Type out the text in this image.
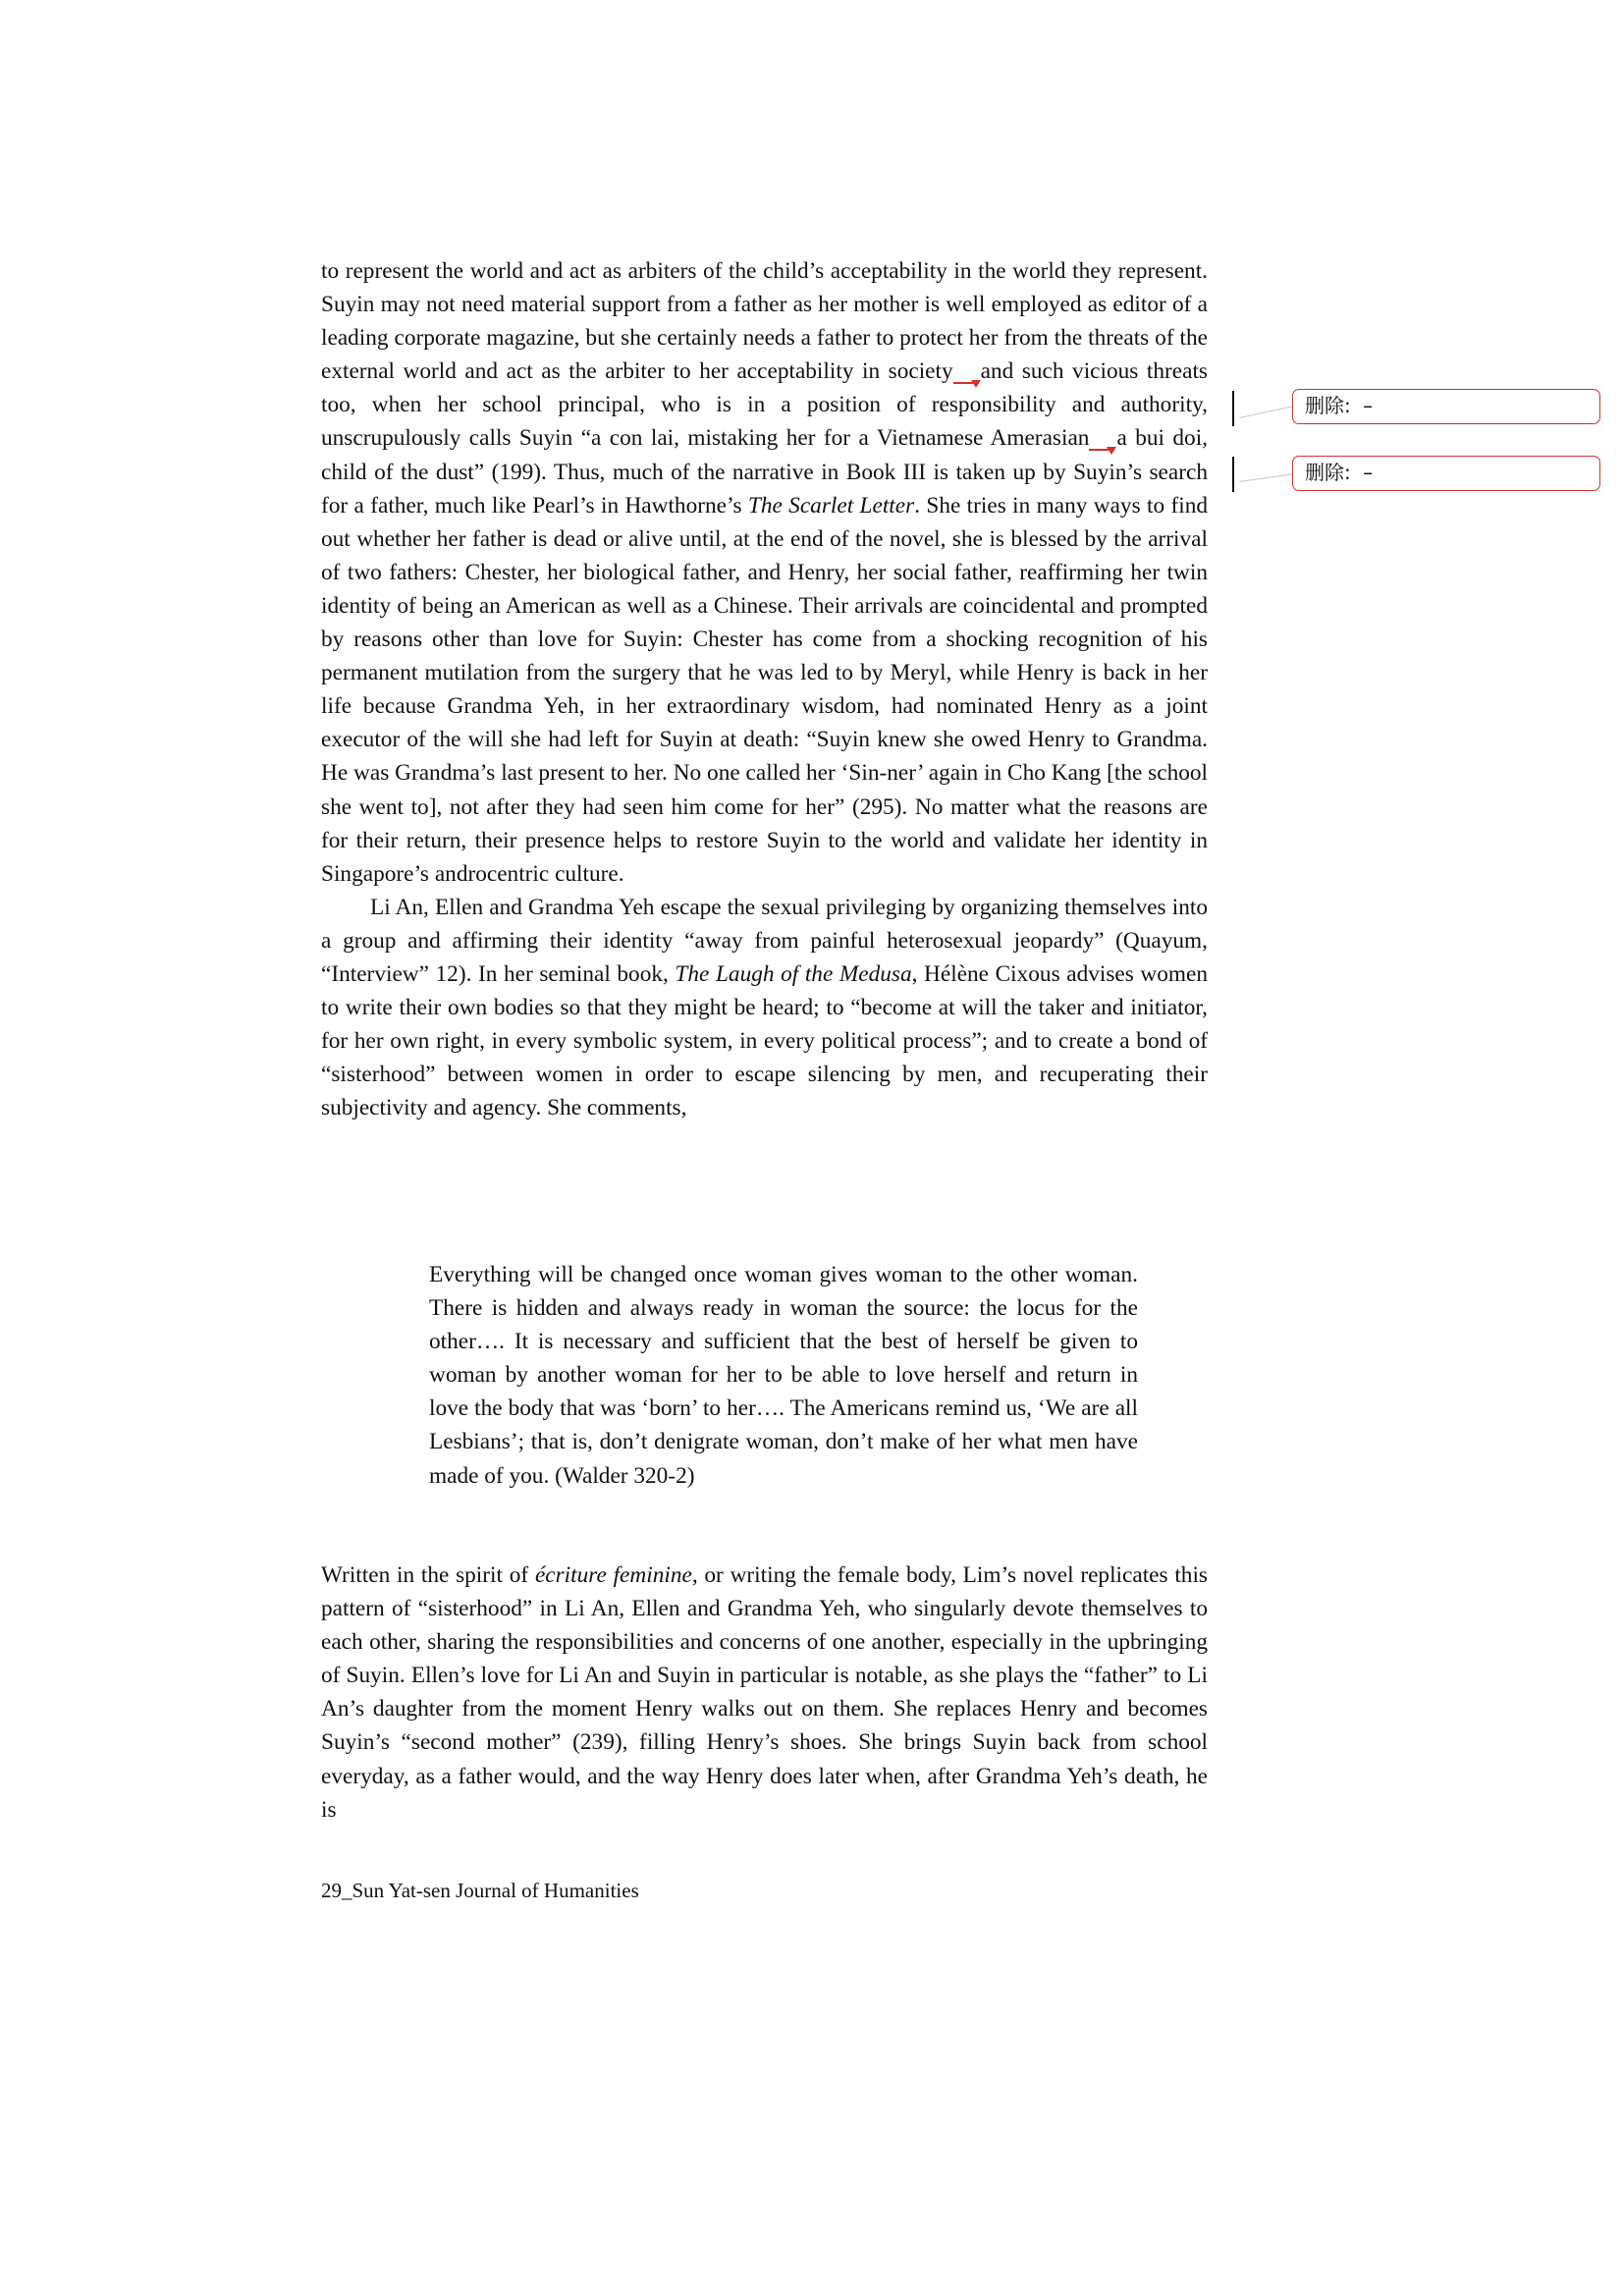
to represent the world and act as arbiters of the child’s acceptability in the world they represent. Suyin may not need material support from a father as her mother is well employed as editor of a leading corporate magazine, but she certainly needs a father to protect her from the threats of the external world and act as the arbiter to her acceptability in society and such vicious threats too, when her school principal, who is in a position of responsibility and authority, unscrupulously calls Suyin “a con lai, mistaking her for a Vietnamese Amerasian a bui doi, child of the dust” (199). Thus, much of the narrative in Book III is taken up by Suyin’s search for a father, much like Pearl’s in Hawthorne’s The Scarlet Letter. She tries in many ways to find out whether her father is dead or alive until, at the end of the novel, she is blessed by the arrival of two fathers: Chester, her biological father, and Henry, her social father, reaffirming her twin identity of being an American as well as a Chinese. Their arrivals are coincidental and prompted by reasons other than love for Suyin: Chester has come from a shocking recognition of his permanent mutilation from the surgery that he was led to by Meryl, while Henry is back in her life because Grandma Yeh, in her extraordinary wisdom, had nominated Henry as a joint executor of the will she had left for Suyin at death: “Suyin knew she owed Henry to Grandma. He was Grandma’s last present to her. No one called her ‘Sin-ner’ again in Cho Kang [the school she went to], not after they had seen him come for her” (295). No matter what the reasons are for their return, their presence helps to restore Suyin to the world and validate her identity in Singapore’s androcentric culture.

Li An, Ellen and Grandma Yeh escape the sexual privileging by organizing themselves into a group and affirming their identity “away from painful heterosexual jeopardy” (Quayum, “Interview” 12). In her seminal book, The Laugh of the Medusa, Hélène Cixous advises women to write their own bodies so that they might be heard; to “become at will the taker and initiator, for her own right, in every symbolic system, in every political process”; and to create a bond of “sisterhood” between women in order to escape silencing by men, and recuperating their subjectivity and agency. She comments,

Everything will be changed once woman gives woman to the other woman. There is hidden and always ready in woman the source: the locus for the other…. It is necessary and sufficient that the best of herself be given to woman by another woman for her to be able to love herself and return in love the body that was ‘born’ to her…. The Americans remind us, ‘We are all Lesbians’; that is, don’t denigrate woman, don’t make of her what men have made of you. (Walder 320-2)

Written in the spirit of écriture feminine, or writing the female body, Lim’s novel replicates this pattern of “sisterhood” in Li An, Ellen and Grandma Yeh, who singularly devote themselves to each other, sharing the responsibilities and concerns of one another, especially in the upbringing of Suyin. Ellen’s love for Li An and Suyin in particular is notable, as she plays the “father” to Li An’s daughter from the moment Henry walks out on them. She replaces Henry and becomes Suyin’s “second mother” (239), filling Henry’s shoes. She brings Suyin back from school everyday, as a father would, and the way Henry does later when, after Grandma Yeh’s death, he is

删除: –
删除: –
29_Sun Yat-sen Journal of Humanities
